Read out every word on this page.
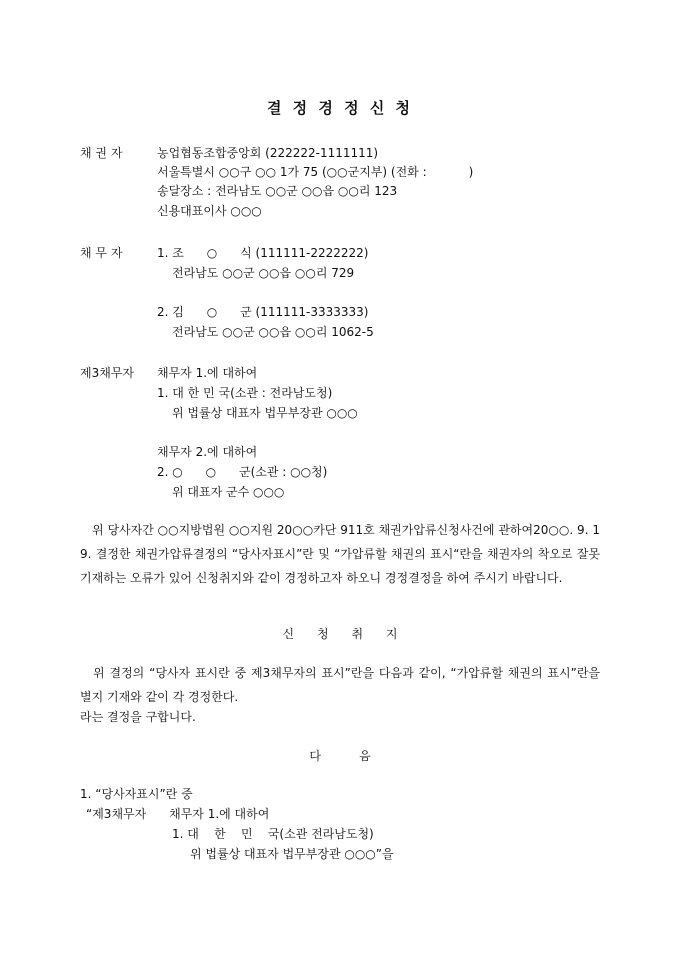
결 정 경 정 신 청
채 권 자	농업협동조합중앙회 (222222-1111111)
서울특별시 ○○구 ○○ 1가 75 (○○군지부) (전화 :           )
송달장소 : 전라남도 ○○군 ○○읍 ○○리 123
신용대표이사 ○○○
채 무 자	1. 조      ○      식 (111111-2222222)
전라남도 ○○군 ○○읍 ○○리 729
2. 김      ○      군 (111111-3333333)
전라남도 ○○군 ○○읍 ○○리 1062-5
제3채무자 채무자 1.에 대하여
1. 대 한 민 국(소관 : 전라남도청)
위 법률상 대표자 법무부장관 ○○○
채무자 2.에 대하여
2. ○      ○      군(소관 : ○○청)
위 대표자 군수 ○○○
　위 당사자간 ○○지방법원 ○○지원 20○○카단 911호 채권가압류신청사건에 관하여20○○. 9. 19. 결정한 채권가압류결정의 “당사자표시”란 및 “가압류할 채권의 표시“란을 채권자의 착오로 잘못 기재하는 오류가 있어 신청취지와 같이 경정하고자 하오니 경정결정을 하여 주시기 바랍니다.
신      청      취      지
　위 결정의 “당사자 표시란 중 제3채무자의 표시”란을 다음과 같이, “가압류할 채권의 표시”란을 별지 기재와 같이 각 경정한다.
라는 결정을 구합니다.
다          음
1. “당사자표시”란 중
“제3채무자      채무자 1.에 대하여
1. 대    한    민    국(소관 전라남도청)
위 법률상 대표자 법무부장관 ○○○”을
